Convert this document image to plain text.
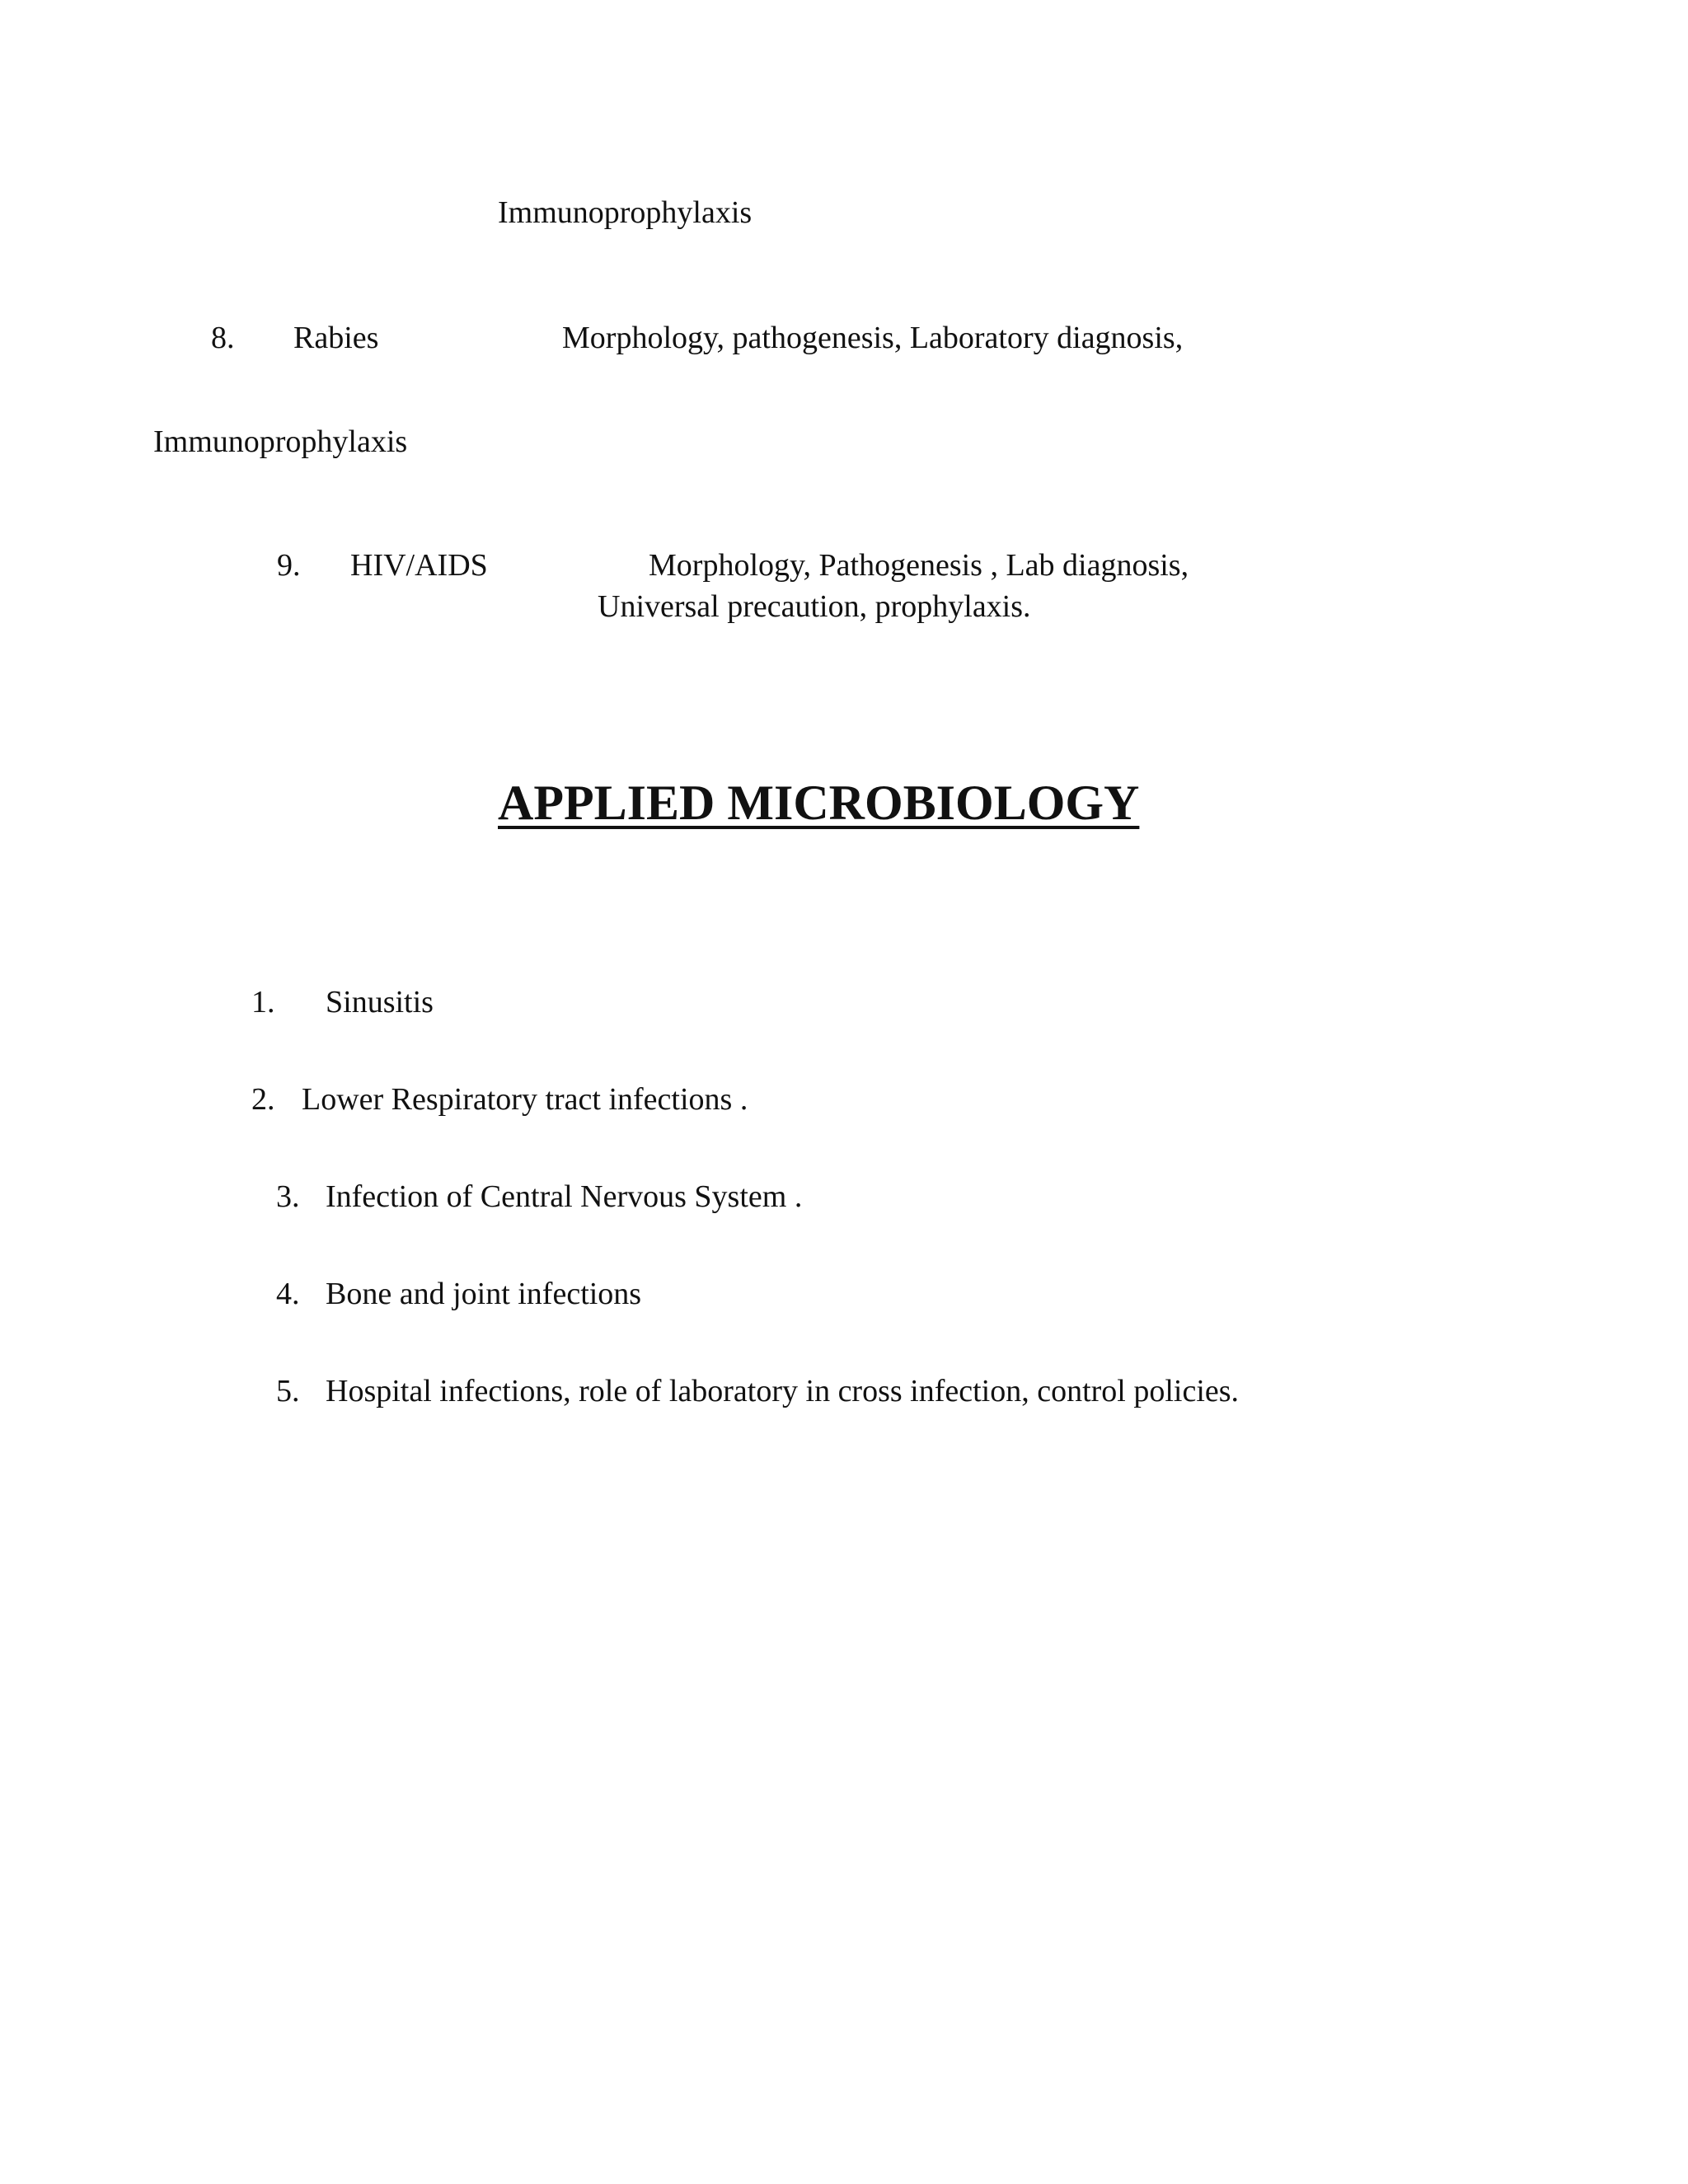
Immunoprophylaxis
8. Rabies	Morphology, pathogenesis, Laboratory diagnosis,
Immunoprophylaxis
9. HIV/AIDS	Morphology, Pathogenesis , Lab diagnosis,
Universal precaution, prophylaxis.
APPLIED MICROBIOLOGY
1. Sinusitis
2. Lower Respiratory tract infections .
3. Infection of Central Nervous System .
4. Bone and joint infections
5. Hospital infections, role of laboratory in cross infection, control policies.
